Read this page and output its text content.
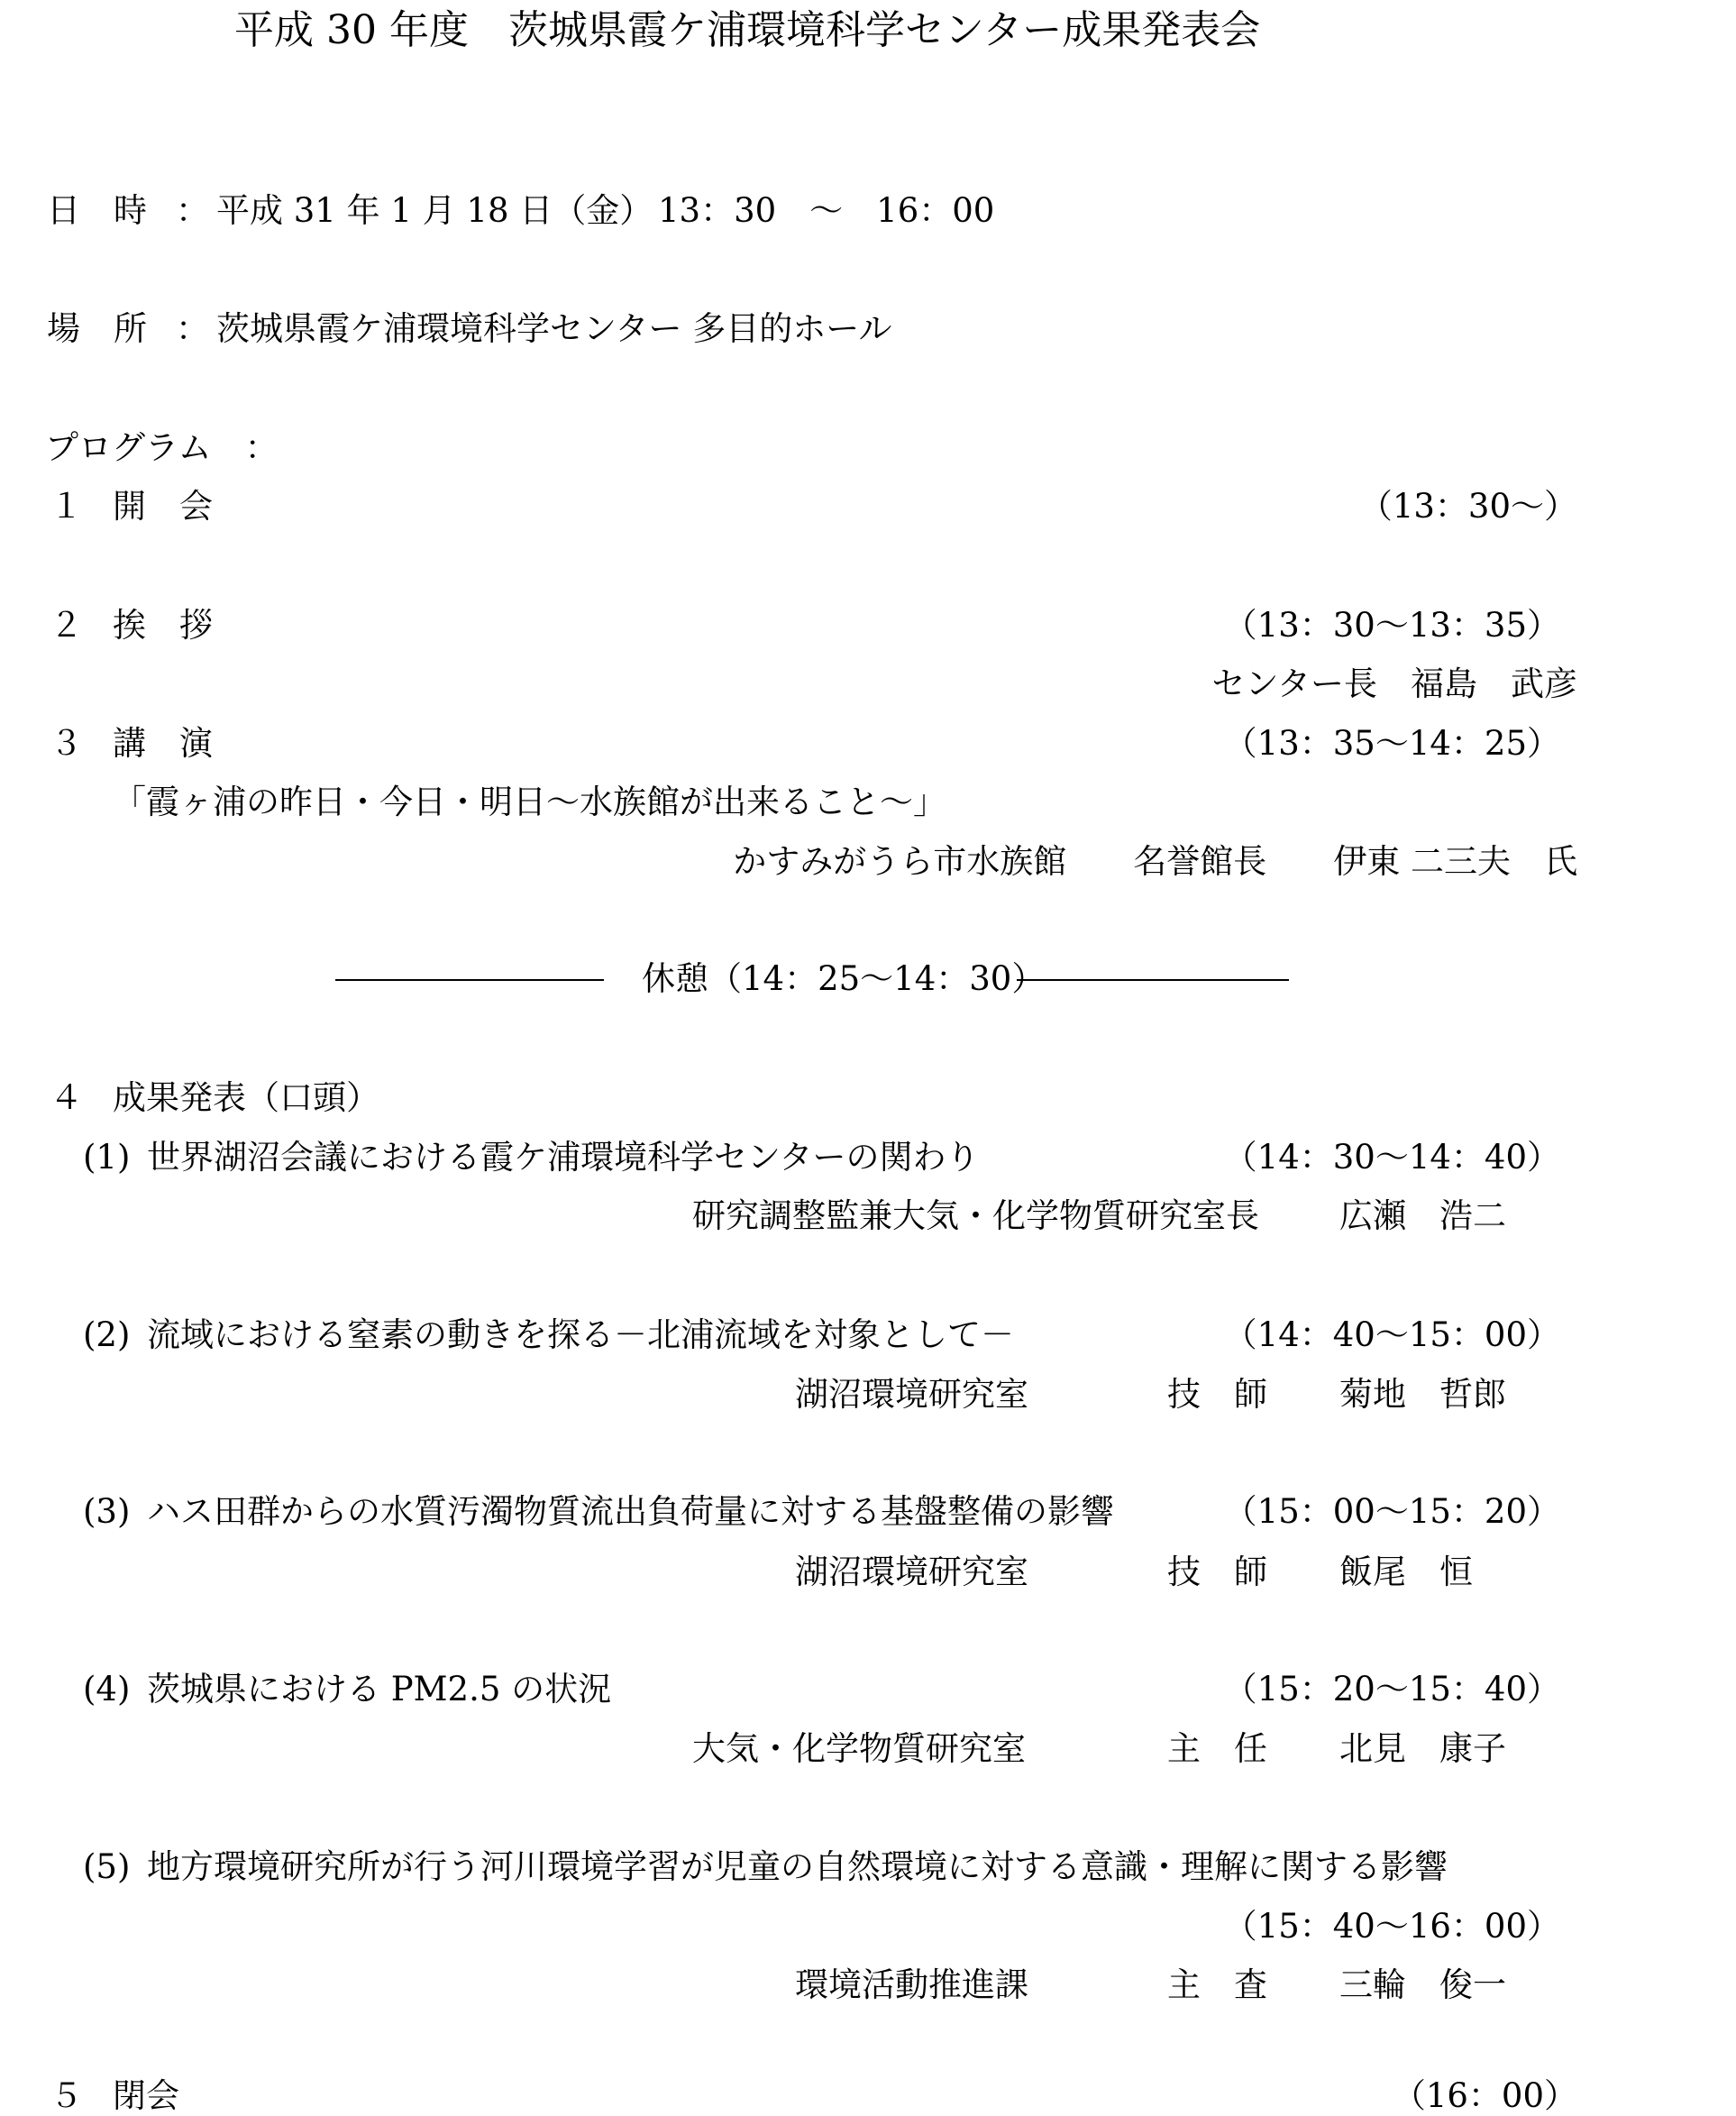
平成 30 年度　茨城県霞ケ浦環境科学センター成果発表会
日　時 ： 平成 31 年 1 月 18 日（金） 13：30　～　16：00
場　所 ： 茨城県霞ケ浦環境科学センター 多目的ホール
プログラム　：
１ 開　会	（13：30～）
２ 挨　拶	（13：30～13：35）
センター長　福島　武彦
３ 講　演	（13：35～14：25）
「霞ヶ浦の昨日・今日・明日～水族館が出来ること～」
かすみがうら市水族館　　名誉館長　　伊東 二三夫　氏
休憩（14：25～14：30）
４ 成果発表（口頭）
(1) 世界湖沼会議における霞ケ浦環境科学センターの関わり	（14：30～14：40）
研究調整監兼大気・化学物質研究室長 広瀬　浩二
(2) 流域における窒素の動きを探る－北浦流域を対象として－	（14：40～15：00）
湖沼環境研究室	技　師 菊地　哲郎
(3) ハス田群からの水質汚濁物質流出負荷量に対する基盤整備の影響	（15：00～15：20）
湖沼環境研究室	技　師 飯尾　恒
(4) 茨城県における PM2.5 の状況	（15：20～15：40）
大気・化学物質研究室	主　任 北見　康子
(5) 地方環境研究所が行う河川環境学習が児童の自然環境に対する意識・理解に関する影響
（15：40～16：00）
環境活動推進課	主　査 三輪　俊一
５ 閉会	（16：00）
